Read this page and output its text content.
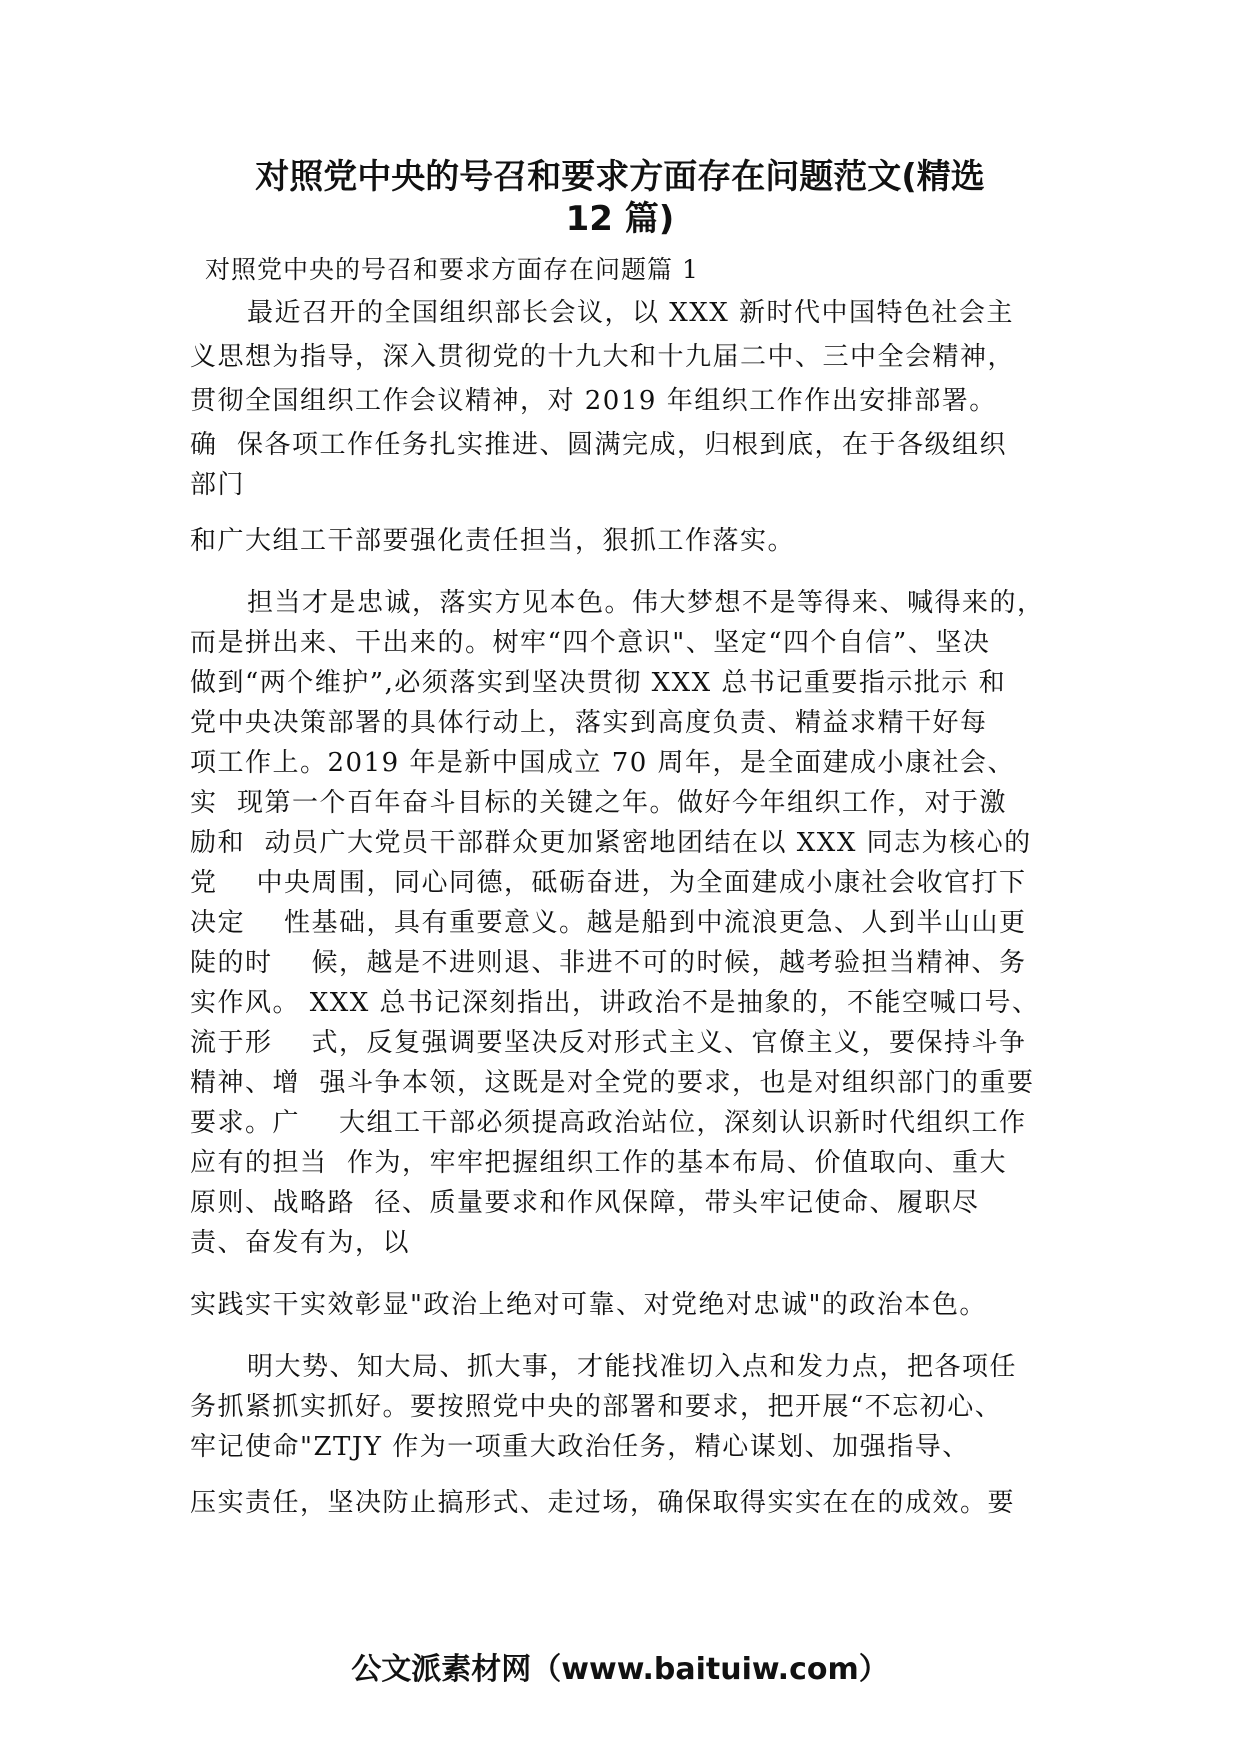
对照党中央的号召和要求方面存在问题范文(精选
12 篇)
对照党中央的号召和要求方面存在问题篇 1
最近召开的全国组织部长会议，以 XXX 新时代中国特色社会主
义思想为指导，深入贯彻党的十九大和十九届二中、三中全会精神，
贯彻全国组织工作会议精神，对 2019 年组织工作作出安排部署。
确  保各项工作任务扎实推进、圆满完成，归根到底，在于各级组织
部门
和广大组工干部要强化责任担当，狠抓工作落实。
担当才是忠诚，落实方见本色。伟大梦想不是等得来、喊得来的，
而是拼出来、干出来的。树牢“四个意识"、坚定“四个自信”、坚决
做到“两个维护”,必须落实到坚决贯彻 XXX 总书记重要指示批示 和
党中央决策部署的具体行动上，落实到高度负责、精益求精干好每
项工作上。2019 年是新中国成立 70 周年，是全面建成小康社会、
实  现第一个百年奋斗目标的关键之年。做好今年组织工作，对于激
励和  动员广大党员干部群众更加紧密地团结在以 XXX 同志为核心的
党    中央周围，同心同德，砥砺奋进，为全面建成小康社会收官打下
决定    性基础，具有重要意义。越是船到中流浪更急、人到半山山更
陡的时    候，越是不进则退、非进不可的时候，越考验担当精神、务
实作风。 XXX 总书记深刻指出，讲政治不是抽象的，不能空喊口号、
流于形    式，反复强调要坚决反对形式主义、官僚主义，要保持斗争
精神、增  强斗争本领，这既是对全党的要求，也是对组织部门的重要
要求。广    大组工干部必须提高政治站位，深刻认识新时代组织工作
应有的担当  作为，牢牢把握组织工作的基本布局、价值取向、重大
原则、战略路  径、质量要求和作风保障，带头牢记使命、履职尽
责、奋发有为，以
实践实干实效彰显"政治上绝对可靠、对党绝对忠诚"的政治本色。
明大势、知大局、抓大事，才能找准切入点和发力点，把各项任
务抓紧抓实抓好。要按照党中央的部署和要求，把开展“不忘初心、
牢记使命"ZTJY 作为一项重大政治任务，精心谋划、加强指导、
压实责任，坚决防止搞形式、走过场，确保取得实实在在的成效。要
公文派素材网（www.baituiw.com）
